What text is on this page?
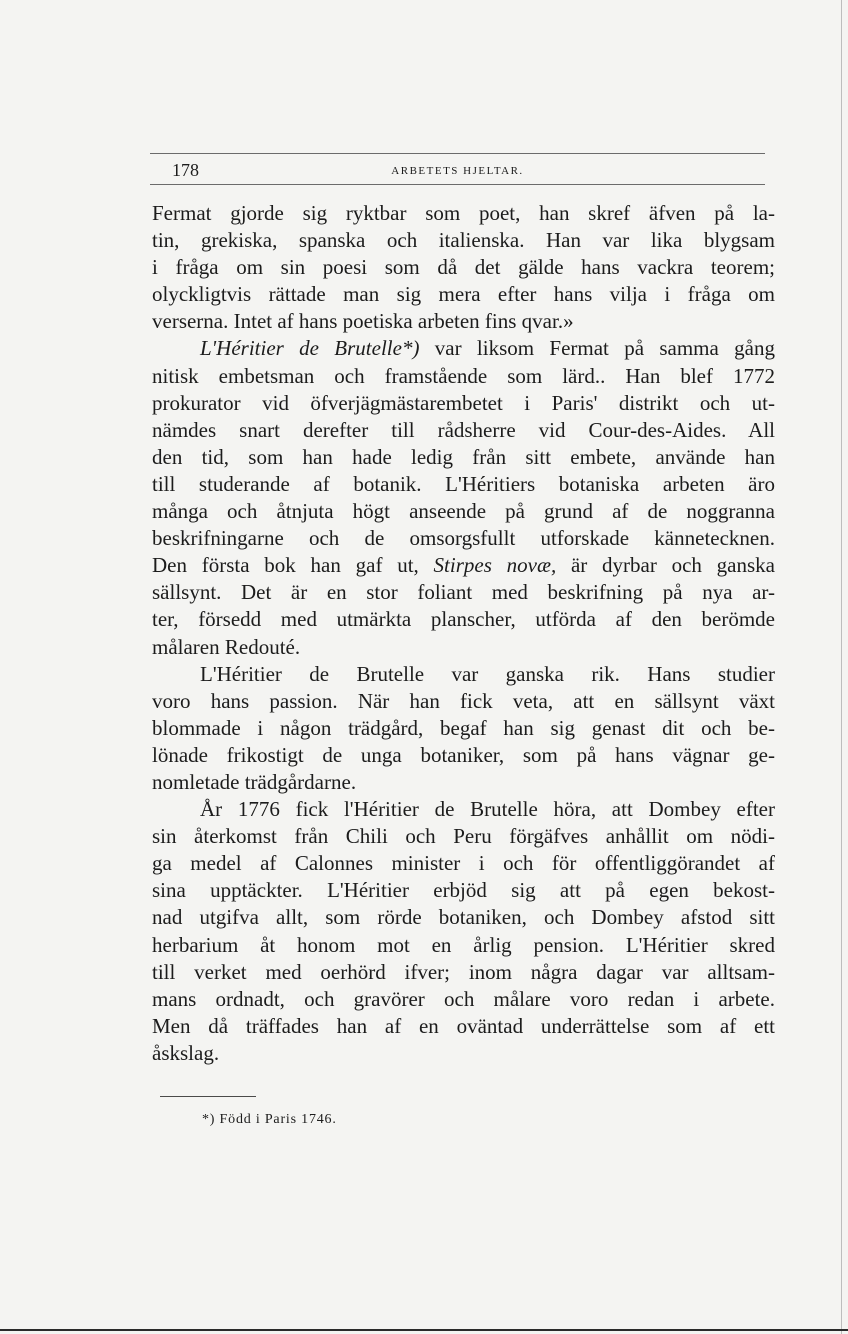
178	ARBETETS HJELTAR.
Fermat gjorde sig ryktbar som poet, han skref äfven på la-
tin, grekiska, spanska och italienska. Han var lika blygsam
i fråga om sin poesi som då det gälde hans vackra teorem;
olyckligtvis rättade man sig mera efter hans vilja i fråga om
verserna. Intet af hans poetiska arbeten fins qvar.»
L'Héritier de Brutelle*) var liksom Fermat på samma gång
nitisk embetsman och framstående som lärd.. Han blef 1772
prokurator vid öfverjägmästarembetet i Paris' distrikt och ut-
nämdes snart derefter till rådsherre vid Cour-des-Aides. All
den tid, som han hade ledig från sitt embete, använde han
till studerande af botanik. L'Héritiers botaniska arbeten äro
många och åtnjuta högt anseende på grund af de noggranna
beskrifningarne och de omsorgsfullt utforskade kännetecknen.
Den första bok han gaf ut, Stirpes novæ, är dyrbar och ganska
sällsynt. Det är en stor foliant med beskrifning på nya ar-
ter, försedd med utmärkta planscher, utförda af den berömde
målaren Redouté.
L'Héritier de Brutelle var ganska rik. Hans studier
voro hans passion. När han fick veta, att en sällsynt växt
blommade i någon trädgård, begaf han sig genast dit och be-
lönade frikostigt de unga botaniker, som på hans vägnar ge-
nomletade trädgårdarne.
År 1776 fick l'Héritier de Brutelle höra, att Dombey efter
sin återkomst från Chili och Peru förgäfves anhållit om nödi-
ga medel af Calonnes minister i och för offentliggörandet af
sina upptäckter. L'Héritier erbjöd sig att på egen bekost-
nad utgifva allt, som rörde botaniken, och Dombey afstod sitt
herbarium åt honom mot en årlig pension. L'Héritier skred
till verket med oerhörd ifver; inom några dagar var alltsam-
mans ordnadt, och gravörer och målare voro redan i arbete.
Men då träffades han af en oväntad underrättelse som af ett
åskslag.
*) Född i Paris 1746.
